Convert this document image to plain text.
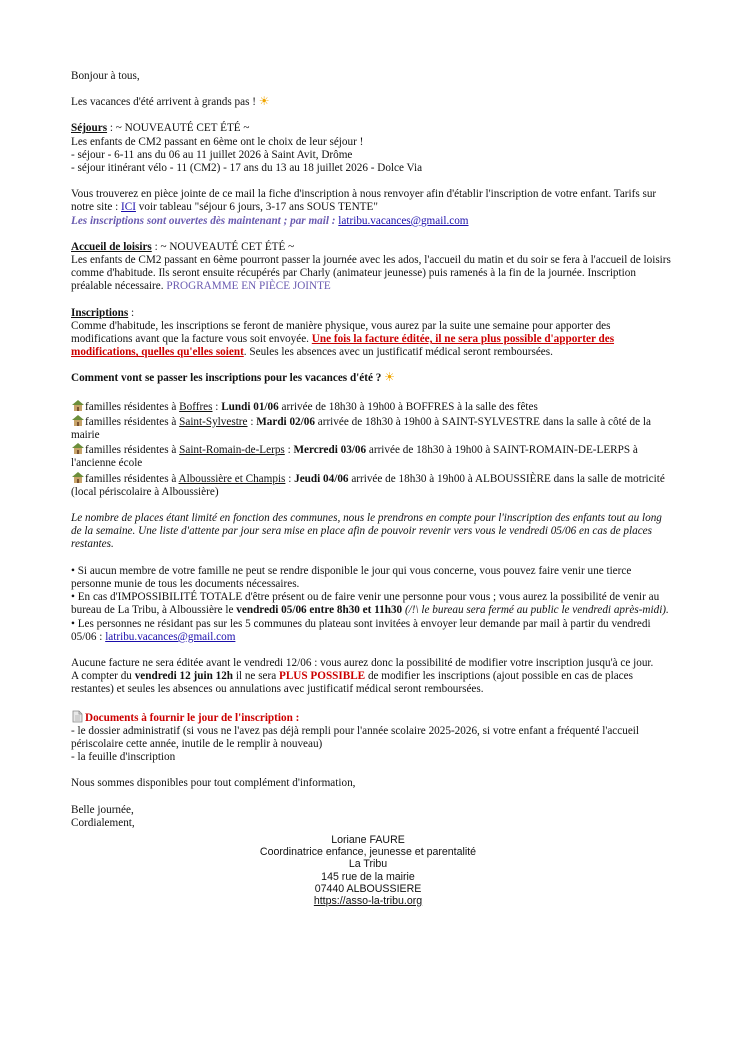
Bonjour à tous,

Les vacances d'été arrivent à grands pas ! ☀

Séjours : ~ NOUVEAUTÉ CET ÉTÉ ~

Les enfants de CM2 passant en 6ème ont le choix de leur séjour !

- séjour - 6-11 ans du 06 au 11 juillet 2026 à Saint Avit, Drôme

- séjour itinérant vélo - 11 (CM2) - 17 ans du 13 au 18 juillet 2026 - Dolce Via

Vous trouverez en pièce jointe de ce mail la fiche d'inscription à nous renvoyer afin d'établir l'inscription de votre enfant. Tarifs sur notre site : ICI voir tableau "séjour 6 jours, 3-17 ans SOUS TENTE"

Les inscriptions sont ouvertes dès maintenant ; par mail : latribu.vacances@gmail.com

Accueil de loisirs : ~ NOUVEAUTÉ CET ÉTÉ ~

Les enfants de CM2 passant en 6ème pourront passer la journée avec les ados, l'accueil du matin et du soir se fera à l'accueil de loisirs comme d'habitude. Ils seront ensuite récupérés par Charly (animateur jeunesse) puis ramenés à la fin de la journée. Inscription préalable nécessaire. PROGRAMME EN PIÈCE JOINTE

Inscriptions :

Comme d'habitude, les inscriptions se feront de manière physique, vous aurez par la suite une semaine pour apporter des modifications avant que la facture vous soit envoyée. Une fois la facture éditée, il ne sera plus possible d'apporter des modifications, quelles qu'elles soient. Seules les absences avec un justificatif médical seront remboursées.

Comment vont se passer les inscriptions pour les vacances d'été ? ☀

familles résidentes à Boffres : Lundi 01/06 arrivée de 18h30 à 19h00 à BOFFRES à la salle des fêtes

familles résidentes à Saint-Sylvestre : Mardi 02/06 arrivée de 18h30 à 19h00 à SAINT-SYLVESTRE dans la salle à côté de la mairie

familles résidentes à Saint-Romain-de-Lerps : Mercredi 03/06 arrivée de 18h30 à 19h00 à SAINT-ROMAIN-DE-LERPS à l'ancienne école

familles résidentes à Alboussière et Champis : Jeudi 04/06 arrivée de 18h30 à 19h00 à ALBOUSSIÈRE dans la salle de motricité (local périscolaire à Alboussière)

Le nombre de places étant limité en fonction des communes, nous le prendrons en compte pour l'inscription des enfants tout au long de la semaine. Une liste d'attente par jour sera mise en place afin de pouvoir revenir vers vous le vendredi 05/06 en cas de places restantes.

• Si aucun membre de votre famille ne peut se rendre disponible le jour qui vous concerne, vous pouvez faire venir une tierce personne munie de tous les documents nécessaires.

• En cas d'IMPOSSIBILITÉ TOTALE d'être présent ou de faire venir une personne pour vous ; vous aurez la possibilité de venir au bureau de La Tribu, à Alboussière le vendredi 05/06 entre 8h30 et 11h30 (/!\ le bureau sera fermé au public le vendredi après-midi).

• Les personnes ne résidant pas sur les 5 communes du plateau sont invitées à envoyer leur demande par mail à partir du vendredi 05/06 : latribu.vacances@gmail.com

Aucune facture ne sera éditée avant le vendredi 12/06 : vous aurez donc la possibilité de modifier votre inscription jusqu'à ce jour.

A compter du vendredi 12 juin 12h il ne sera PLUS POSSIBLE de modifier les inscriptions (ajout possible en cas de places restantes) et seules les absences ou annulations avec justificatif médical seront remboursées.

Documents à fournir le jour de l'inscription :

- le dossier administratif (si vous ne l'avez pas déjà rempli pour l'année scolaire 2025-2026, si votre enfant a fréquenté l'accueil périscolaire cette année, inutile de le remplir à nouveau)

- la feuille d'inscription

Nous sommes disponibles pour tout complément d'information,

Belle journée,

Cordialement,

Loriane FAURE
Coordinatrice enfance, jeunesse et parentalité
La Tribu
145 rue de la mairie
07440 ALBOUSSIERE
https://asso-la-tribu.org
